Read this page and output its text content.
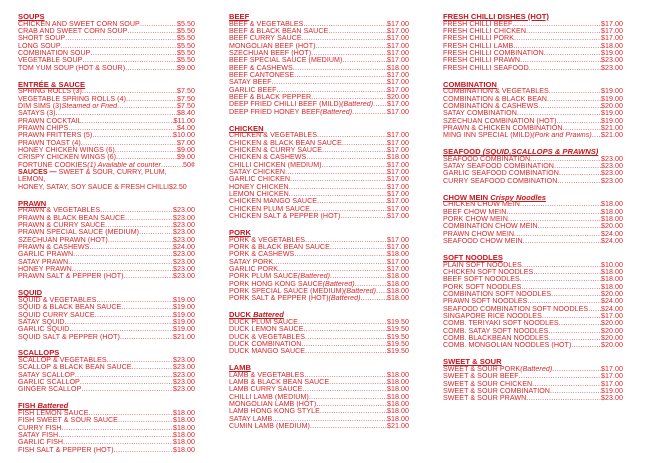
SOUPS
CHICKEN AND SWEET CORN SOUP .....	$5.50
CRAB AND SWEET CORN SOUP .....	$5.50
SHORT SOUP .....	$5.50
LONG SOUP .....	$5.50
COMBINATION SOUP .....	$5.50
VEGETABLE SOUP .....	$5.50
TOM YUM SOUP (HOT & SOUR) .....	$9.00
ENTRÉE & SAUCE
SPRING ROLLS (3) .....	$7.50
VEGETABLE SPRING ROLLS (4) .....	$7.50
DIM SIMS (3) Steamed or Fried .....	$7.50
SATAYS (3) .....	$8.40
PRAWN COCKTAIL .....	$11.00
PRAWN CHIPS .....	$4.00
PRAWN FRITTERS (5) .....	$10.00
PRAWN TOAST (4) .....	$7.00
HONEY CHICKEN WINGS (6) .....	$9.00
CRISPY CHICKEN WINGS (6) .....	$9.00
FORTUNE COOKIES (1) Available at counter .....	50¢
SAUCES — SWEET & SOUR, CURRY, PLUM, LEMON,
HONEY, SATAY, SOY SAUCE & FRESH CHILLI $2.50
PRAWN
PRAWN & VEGETABLES .....	$23.00
PRAWN & BLACK BEAN SAUCE .....	$23.00
PRAWN & CURRY SAUCE .....	$23.00
PRAWN SPECIAL SAUCE (MEDIUM) .....	$23.00
SZECHUAN PRAWN (HOT) .....	$23.00
PRAWN & CASHEWS .....	$24.00
GARLIC PRAWN .....	$23.00
SATAY PRAWN .....	$23.00
HONEY PRAWN .....	$23.00
PRAWN SALT & PEPPER (HOT) .....	$23.00
SQUID
SQUID & VEGETABLES .....	$19.00
SQUID & BLACK BEAN SAUCE .....	$19.00
SQUID CURRY SAUCE .....	$19.00
SATAY SQUID .....	$19.00
GARLIC SQUID .....	$19.00
SQUID SALT & PEPPER (HOT) .....	$21.00
SCALLOPS
SCALLOP & VEGETABLES .....	$23.00
SCALLOP & BLACK BEAN SAUCE .....	$23.00
SATAY SCALLOP .....	$23.00
GARLIC SCALLOP .....	$23.00
GINGER SCALLOP .....	$23.00
FISH Battered
FISH LEMON SAUCE .....	$18.00
FISH SWEET & SOUR SAUCE .....	$18.00
CURRY FISH .....	$18.00
SATAY FISH .....	$18.00
GARLIC FISH .....	$18.00
FISH SALT & PEPPER (HOT) .....	$18.00
BEEF
BEEF & VEGETABLES .....	$17.00
BEEF & BLACK BEAN SAUCE .....	$17.00
BEEF CURRY SAUCE .....	$17.00
MONGOLIAN BEEF (HOT) .....	$17.00
SZECHUAN BEEF (HOT) .....	$17.00
BEEF SPECIAL SAUCE (MEDIUM) .....	$17.00
BEEF & CASHEWS .....	$18.00
BEEF CANTONESE .....	$17.00
SATAY BEEF .....	$17.00
GARLIC BEEF .....	$17.00
BEEF & BLACK PEPPER .....	$20.00
DEEP FRIED CHILLI BEEF (MILD) (Battered) ..... $17.00
DEEP FRIED HONEY BEEF (Battered) .....	$17.00
CHICKEN
CHICKEN & VEGETABLES .....	$17.00
CHICKEN & BLACK BEAN SAUCE .....	$17.00
CHICKEN & CURRY SAUCE .....	$17.00
CHICKEN & CASHEWS .....	$18.00
CHILLI CHICKEN (MEDIUM) .....	$17.00
SATAY CHICKEN .....	$17.00
GARLIC CHICKEN .....	$17.00
HONEY CHICKEN .....	$17.00
LEMON CHICKEN .....	$17.00
CHICKEN MANGO SAUCE .....	$17.00
CHICKEN PLUM SAUCE .....	$17.00
CHICKEN SALT & PEPPER (HOT) .....	$17.00
PORK
PORK & VEGETABLES .....	$17.00
PORK & BLACK BEAN SAUCE .....	$17.00
PORK & CASHEWS .....	$18.00
SATAY PORK .....	$17.00
GARLIC PORK .....	$17.00
PORK PLUM SAUCE (Battered) .....	$18.00
PORK HONG KONG SAUCE (Battered) .....	$18.00
PORK SPECIAL SAUCE (MEDIUM) (Battered) ..... $18.00
PORK SALT & PEPPER (HOT) (Battered) .....	$18.00
DUCK Battered
DUCK PLUM SAUCE .....	$19.50
DUCK LEMON SAUCE .....	$19.50
DUCK & VEGETABLES .....	$19.50
DUCK COMBINATION .....	$19.50
DUCK MANGO SAUCE .....	$19.50
LAMB
LAMB & VEGETABLES .....	$18.00
LAMB & BLACK BEAN SAUCE .....	$18.00
LAMB CURRY SAUCE .....	$18.00
CHILLI LAMB (MEDIUM) .....	$18.00
MONGOLIAN LAMB (HOT) .....	$18.00
LAMB HONG KONG STYLE .....	$18.00
SATAY LAMB .....	$18.00
CUMIN LAMB (MEDIUM) .....	$21.00
FRESH CHILLI DISHES (HOT)
FRESH CHILLI BEEF .....	$17.00
FRESH CHILLI CHICKEN .....	$17.00
FRESH CHILLI PORK .....	$17.00
FRESH CHILLI LAMB .....	$18.00
FRESH CHILLI COMBINATION .....	$19.00
FRESH CHILLI PRAWN .....	$23.00
FRESH CHILLI SEAFOOD .....	$23.00
COMBINATION
COMBINATION & VEGETABLES .....	$19.00
COMBINATION & BLACK BEAN .....	$19.00
COMBINATION & CASHEWS .....	$20.00
SATAY COMBINATION .....	$19.00
SZECHUAN COMBINATION (HOT) .....	$19.00
PRAWN & CHICKEN COMBINATION .....	$21.00
MING INN SPECIAL (MILD) (Pork and Prawns) ..... $21.00
SEAFOOD (SQUID,SCALLOPS & PRAWNS)
SEAFOOD COMBINATION .....	$23.00
SATAY SEAFOOD COMBINATION .....	$23.00
GARLIC SEAFOOD COMBINATION .....	$23.00
CURRY SEAFOOD COMBINATION .....	$23.00
CHOW MEIN Crispy Noodles
CHICKEN CHOW MEIN .....	$18.00
BEEF CHOW MEIN .....	$18.00
PORK CHOW MEIN .....	$18.00
COMBINATION CHOW MEIN .....	$20.00
PRAWN CHOW MEIN .....	$24.00
SEAFOOD CHOW MEIN .....	$24.00
SOFT NOODLES
PLAIN SOFT NOODLES .....	$10.00
CHICKEN SOFT NOODLES .....	$18.00
BEEF SOFT NOODLES .....	$18.00
PORK SOFT NOODLES .....	$18.00
COMBINATION SOFT NOODLES .....	$20.00
PRAWN SOFT NOODLES .....	$24.00
SEAFOOD COMBINATION SOFT NOODLES ..... $24.00
SINGAPORE RICE NOODLES .....	$17.00
COMB. TERIYAKI SOFT NOODLES .....	$20.00
COMB. SATAY SOFT NOODLES .....	$20.00
COMB. BLACKBEAN NOODLES .....	$20.00
COMB. MONGOLIAN NOODLES (HOT) .....	$20.00
SWEET & SOUR
SWEET & SOUR PORK (Battered) .....	$17.00
SWEET & SOUR BEEF .....	$17.00
SWEET & SOUR CHICKEN .....	$17.00
SWEET & SOUR COMBINATION .....	$19.00
SWEET & SOUR PRAWN .....	$23.00
